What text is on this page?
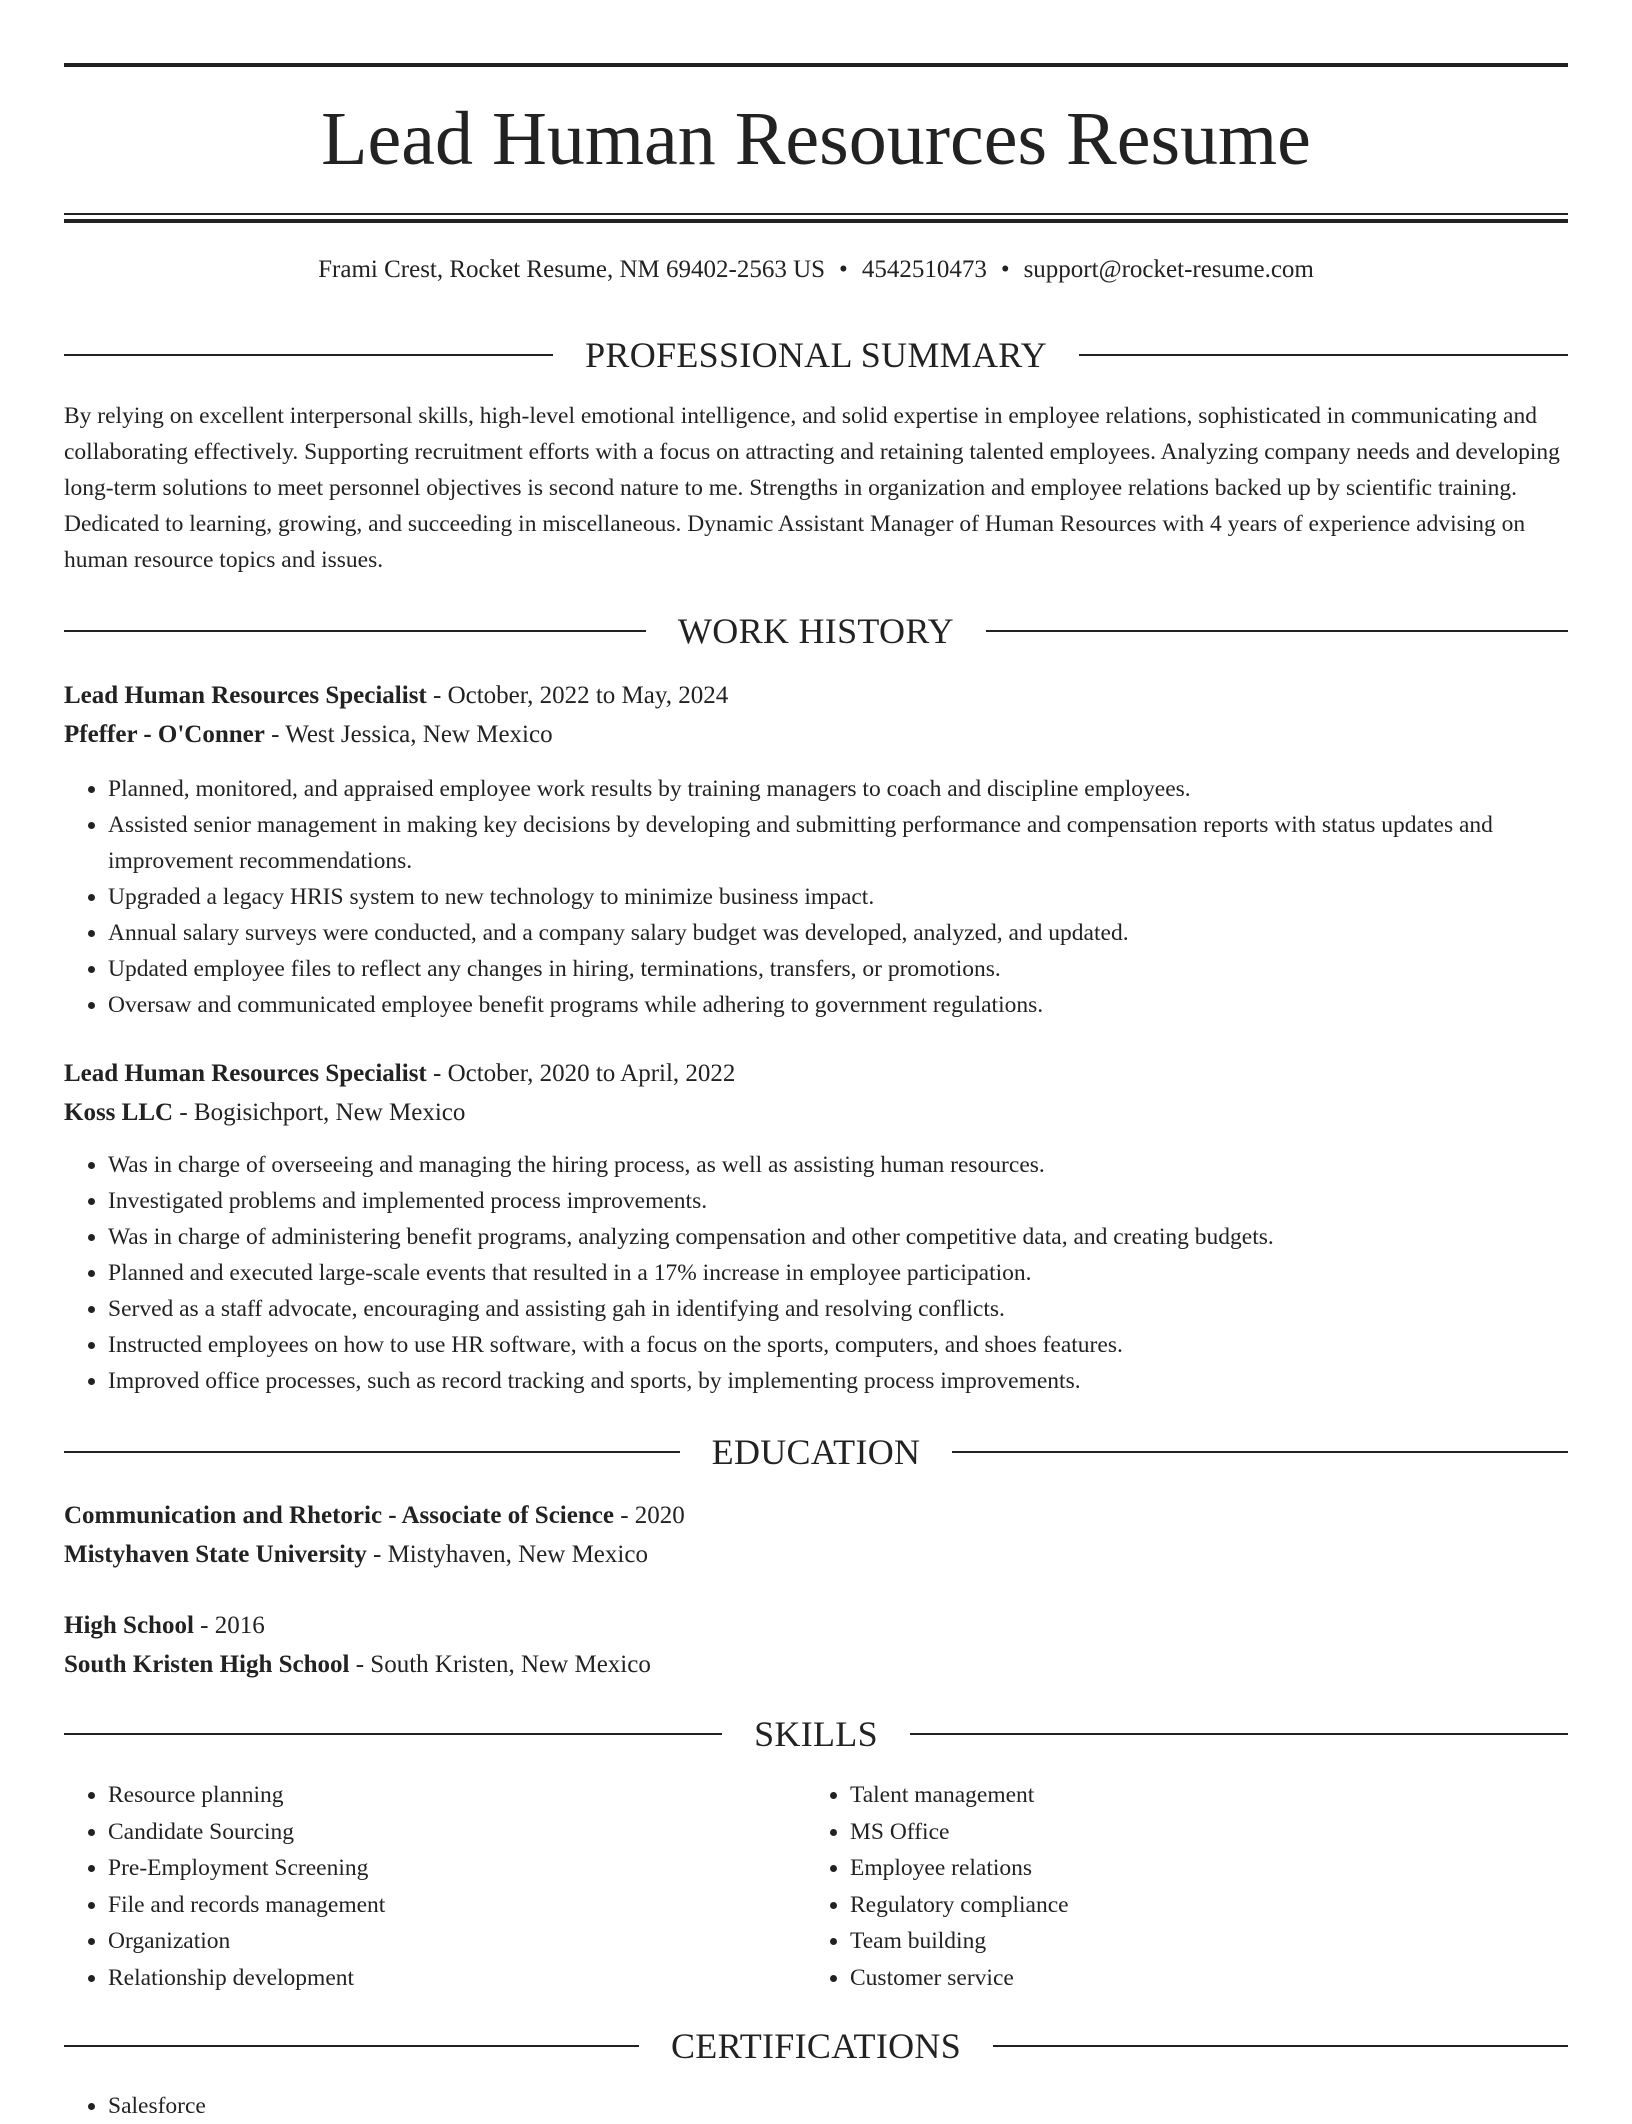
Lead Human Resources Resume
Frami Crest, Rocket Resume, NM 69402-2563 US • 4542510473 • support@rocket-resume.com
PROFESSIONAL SUMMARY

By relying on excellent interpersonal skills, high-level emotional intelligence, and solid expertise in employee relations, sophisticated in communicating and collaborating effectively. Supporting recruitment efforts with a focus on attracting and retaining talented employees. Analyzing company needs and developing long-term solutions to meet personnel objectives is second nature to me. Strengths in organization and employee relations backed up by scientific training. Dedicated to learning, growing, and succeeding in miscellaneous. Dynamic Assistant Manager of Human Resources with 4 years of experience advising on human resource topics and issues.

WORK HISTORY
Lead Human Resources Specialist - October, 2022 to May, 2024
Pfeffer - O'Conner - West Jessica, New Mexico
• Planned, monitored, and appraised employee work results by training managers to coach and discipline employees.
• Assisted senior management in making key decisions by developing and submitting performance and compensation reports with status updates and improvement recommendations.
• Upgraded a legacy HRIS system to new technology to minimize business impact.
• Annual salary surveys were conducted, and a company salary budget was developed, analyzed, and updated.
• Updated employee files to reflect any changes in hiring, terminations, transfers, or promotions.
• Oversaw and communicated employee benefit programs while adhering to government regulations.
Lead Human Resources Specialist - October, 2020 to April, 2022
Koss LLC - Bogisichport, New Mexico
• Was in charge of overseeing and managing the hiring process, as well as assisting human resources.
• Investigated problems and implemented process improvements.
• Was in charge of administering benefit programs, analyzing compensation and other competitive data, and creating budgets.
• Planned and executed large-scale events that resulted in a 17% increase in employee participation.
• Served as a staff advocate, encouraging and assisting gah in identifying and resolving conflicts.
• Instructed employees on how to use HR software, with a focus on the sports, computers, and shoes features.
• Improved office processes, such as record tracking and sports, by implementing process improvements.
EDUCATION
Communication and Rhetoric - Associate of Science - 2020
Mistyhaven State University - Mistyhaven, New Mexico
High School - 2016
South Kristen High School - South Kristen, New Mexico
SKILLS
• Resource planning
• Candidate Sourcing
• Pre-Employment Screening
• File and records management
• Organization
• Relationship development
• Talent management
• MS Office
• Employee relations
• Regulatory compliance
• Team building
• Customer service
CERTIFICATIONS
• Salesforce
